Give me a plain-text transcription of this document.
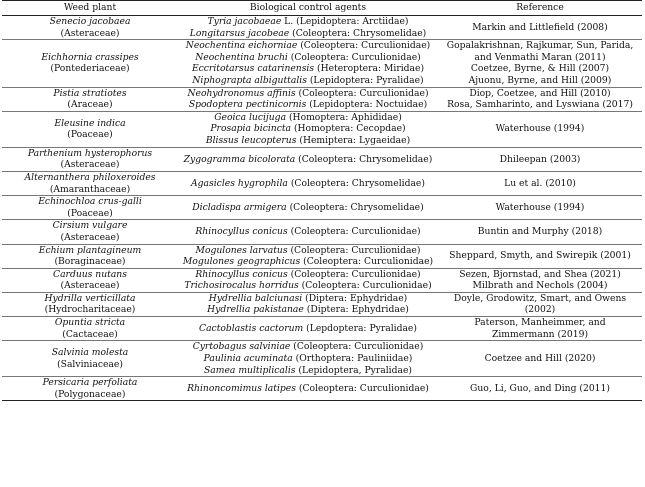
Weed plant	Biological control agents	Reference

Senecio jacobaea
(Asteraceae)	Tyria jacobaeae L. (Lepidoptera: Arctiidae)
Longitarsus jacobeae (Coleoptera: Chrysomelidae)	Markin and Littlefield (2008)

Eichhornia crassipes
(Pontederiaceae)	Neochentina eichorniae (Coleoptera: Curculionidae)
Neochentina bruchi (Coleoptera: Curculionidae)
Eccritotarsus catarinensis (Heteroptera: Miridae)
Niphograpta albiguttalis (Lepidoptera: Pyralidae)	Gopalakrishnan, Rajkumar, Sun, Parida,
and Venmathi Maran (2011)
Coetzee, Byrne, & Hill (2007)
Ajuonu, Byrne, and Hill (2009)

Pistia stratiotes
(Araceae)	Neohydronomus affinis (Coleoptera: Curculionidae)
Spodoptera pectinicornis (Lepidoptera: Noctuidae)	Diop, Coetzee, and Hill (2010)
Rosa, Samharinto, and Lyswiana (2017)

Eleusine indica
(Poaceae)	Geoica lucijuga (Homoptera: Aphididae)
Prosapia bicincta (Homoptera: Cecopdae)
Blissus leucopterus (Hemiptera: Lygaeidae)	Waterhouse (1994)

Parthenium hysterophorus
(Asteraceae)	Zygogramma bicolorata (Coleoptera: Chrysomelidae)	Dhileepan (2003)

Alternanthera philoxeroides
(Amaranthaceae)	Agasicles hygrophila (Coleoptera: Chrysomelidae)	Lu et al. (2010)

Echinochloa crus-galli
(Poaceae)	Dicladispa armigera (Coleoptera: Chrysomelidae)	Waterhouse (1994)

Cirsium vulgare
(Asteraceae)	Rhinocyllus conicus (Coleoptera: Curculionidae)	Buntin and Murphy (2018)

Echium plantagineum
(Boraginaceae)	Mogulones larvatus (Coleoptera: Curculionidae)
Mogulones geographicus (Coleoptera: Curculionidae)	Sheppard, Smyth, and Swirepik (2001)

Carduus nutans
(Asteraceae)	Rhinocyllus conicus (Coleoptera: Curculionidae)
Trichosirocalus horridus (Coleoptera: Curculionidae)	Sezen, Bjornstad, and Shea (2021)
Milbrath and Nechols (2004)

Hydrilla verticillata
(Hydrocharitaceae)	Hydrellia balciunasi (Diptera: Ephydridae)
Hydrellia pakistanae (Diptera: Ephydridae)	Doyle, Grodowitz, Smart, and Owens
(2002)

Opuntia stricta
(Cactaceae)	Cactoblastis cactorum (Lepdoptera: Pyralidae)	Paterson, Manheimmer, and
Zimmermann (2019)

Salvinia molesta
(Salviniaceae)	Cyrtobagus salviniae (Coleoptera: Curculionidae)
Paulinia acuminata (Orthoptera: Pauliniidae)
Samea multiplicalis (Lepidoptera, Pyralidae)	Coetzee and Hill (2020)

Persicaria perfoliata
(Polygonaceae)	Rhinoncomimus latipes (Coleoptera: Curculionidae)	Guo, Li, Guo, and Ding (2011)
